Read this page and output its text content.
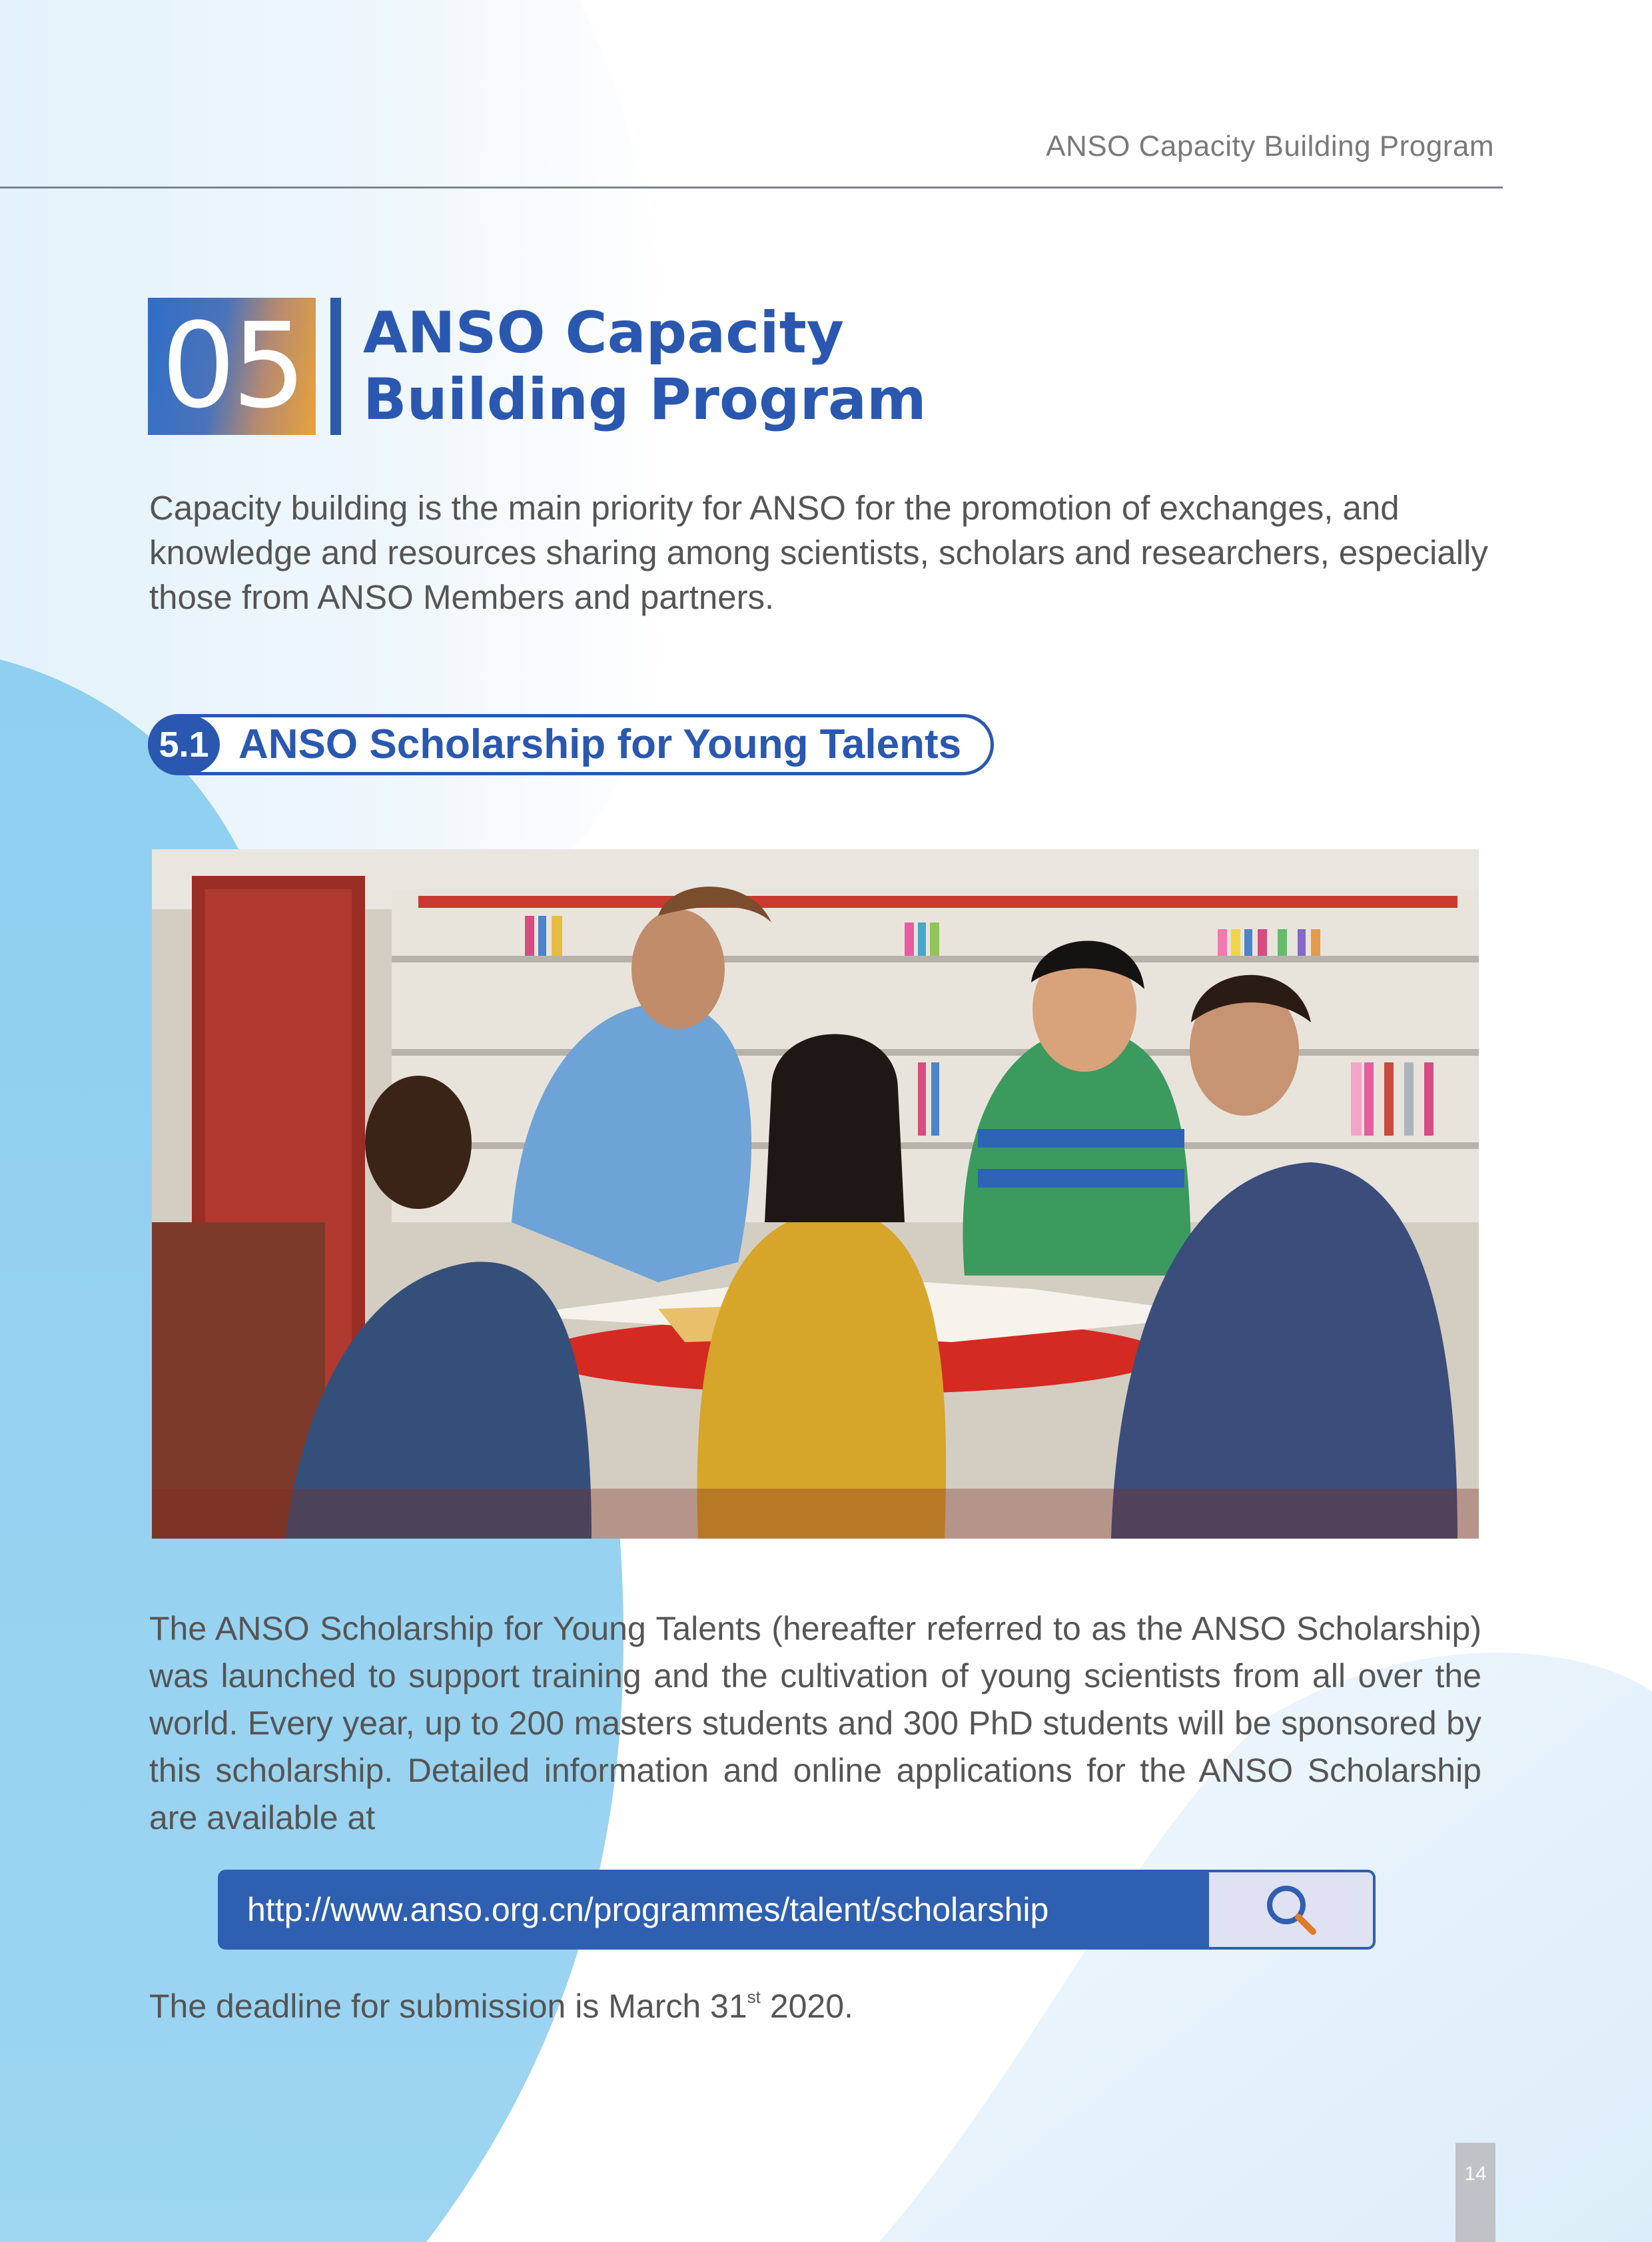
ANSO Capacity Building Program
05 ANSO Capacity
Building Program

Capacity building is the main priority for ANSO for the promotion of exchanges, and knowledge and resources sharing among scientists, scholars and researchers, especially those from ANSO Members and partners.

5.1 ANSO Scholarship for Young Talents

The ANSO Scholarship for Young Talents (hereafter referred to as the ANSO Scholarship) was launched to support training and the cultivation of young scientists from all over the world. Every year, up to 200 masters students and 300 PhD students will be sponsored by this scholarship. Detailed information and online applications for the ANSO Scholarship are available at

http://www.anso.org.cn/programmes/talent/scholarship

The deadline for submission is March 31st 2020.

14
